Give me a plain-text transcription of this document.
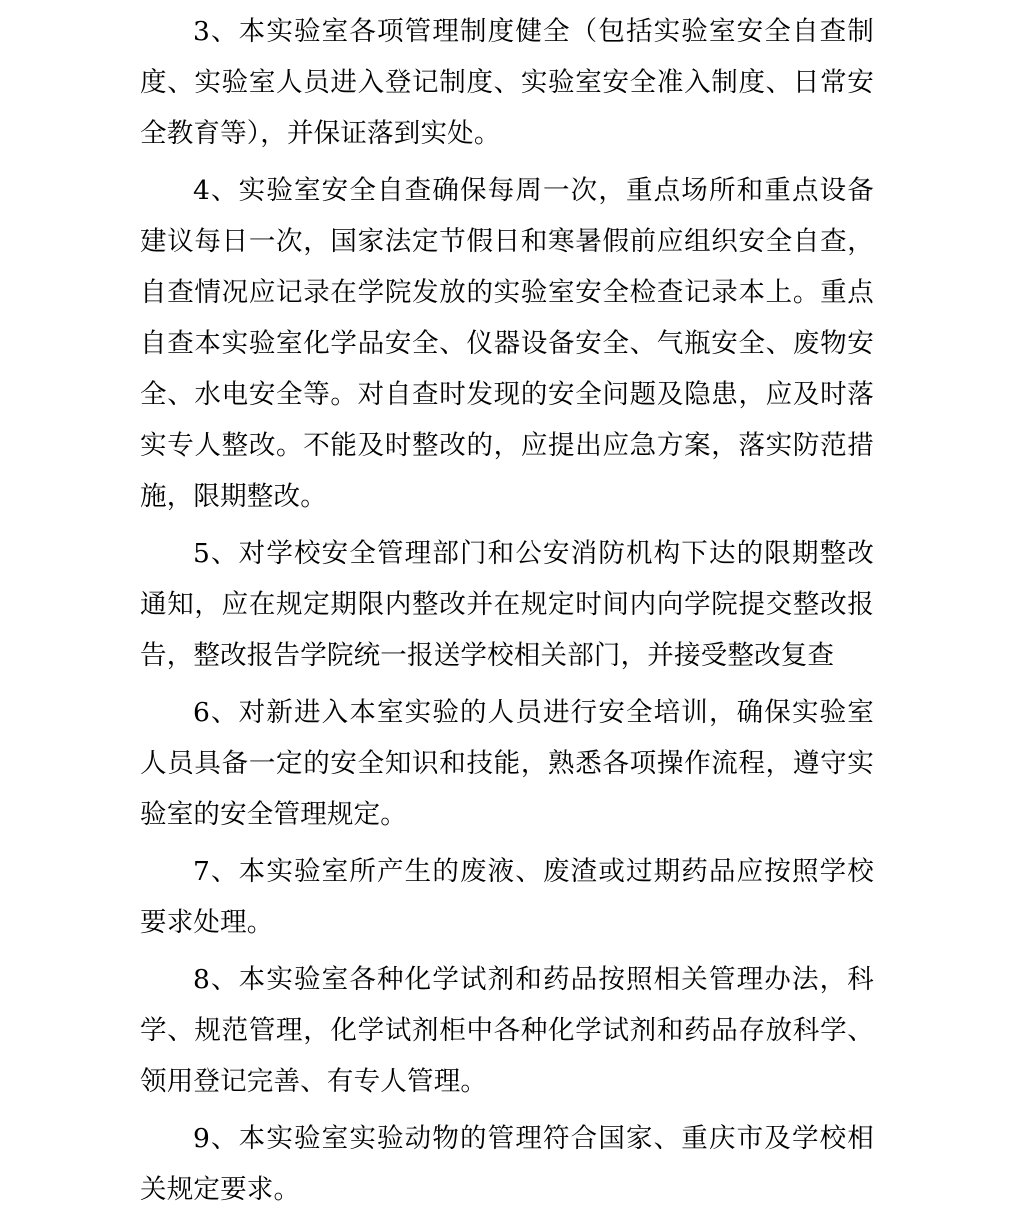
3、本实验室各项管理制度健全（包括实验室安全自查制度、实验室人员进入登记制度、实验室安全准入制度、日常安全教育等），并保证落到实处。

4、实验室安全自查确保每周一次，重点场所和重点设备建议每日一次，国家法定节假日和寒暑假前应组织安全自查，自查情况应记录在学院发放的实验室安全检查记录本上。重点自查本实验室化学品安全、仪器设备安全、气瓶安全、废物安全、水电安全等。对自查时发现的安全问题及隐患，应及时落实专人整改。不能及时整改的，应提出应急方案，落实防范措施，限期整改。

5、对学校安全管理部门和公安消防机构下达的限期整改通知，应在规定期限内整改并在规定时间内向学院提交整改报告，整改报告学院统一报送学校相关部门，并接受整改复查

6、对新进入本室实验的人员进行安全培训，确保实验室人员具备一定的安全知识和技能，熟悉各项操作流程，遵守实验室的安全管理规定。

7、本实验室所产生的废液、废渣或过期药品应按照学校要求处理。

8、本实验室各种化学试剂和药品按照相关管理办法，科学、规范管理，化学试剂柜中各种化学试剂和药品存放科学、领用登记完善、有专人管理。

9、本实验室实验动物的管理符合国家、重庆市及学校相关规定要求。
